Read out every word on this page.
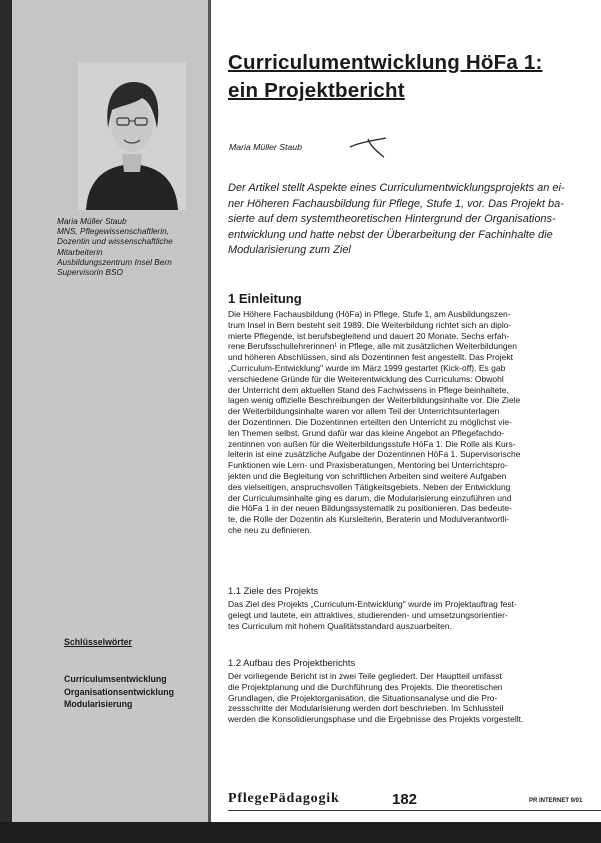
Maria Müller Staub
MNS, Pflegewissenschaftlerin,
Dozentin und wissenschaftliche
Mitarbeiterin
Ausbildungszentrum Insel Bern
Supervisorin BSO
Schlüsselwörter
Curriculumsentwicklung
Organisationsentwicklung
Modularisierung
Curriculumentwicklung HöFa 1:
ein Projektbericht
Maria Müller Staub
Der Artikel stellt Aspekte eines Curriculumentwicklungsprojekts an ei-
ner Höheren Fachausbildung für Pflege, Stufe 1, vor. Das Projekt ba-
sierte auf dem systemtheoretischen Hintergrund der Organisations-
entwicklung und hatte nebst der Überarbeitung der Fachinhalte die
Modularisierung zum Ziel
1 Einleitung
Die Höhere Fachausbildung (HöFa) in Pflege, Stufe 1, am Ausbildungszen-
trum Insel in Bern besteht seit 1989. Die Weiterbildung richtet sich an diplo-
mierte Pflegende, ist berufsbegleitend und dauert 20 Monate. Sechs erfah-
rene Berufsschullehrerinnen¹ in Pflege, alle mit zusätzlichen Weiterbildungen
und höheren Abschlüssen, sind als Dozentinnen fest angestellt. Das Projekt
„Curriculum-Entwicklung" wurde im März 1999 gestartet (Kick-off). Es gab
verschiedene Gründe für die Weiterentwicklung des Curriculums: Obwohl
der Unterricht dem aktuellen Stand des Fachwissens in Pflege beinhaltete,
lagen wenig offizielle Beschreibungen der Weiterbildungsinhalte vor. Die Ziele
der Weiterbildungsinhalte waren vor allem Teil der Unterrichtsunterlagen
der Dozentinnen. Die Dozentinnen erteilten den Unterricht zu möglichst vie-
len Themen selbst. Grund dafür war das kleine Angebot an Pflegefachdo-
zentinnen von außen für die Weiterbildungsstufe HöFa 1. Die Rolle als Kurs-
leiterin ist eine zusätzliche Aufgabe der Dozentinnen HöFa 1. Supervisorische
Funktionen wie Lern- und Praxisberatungen, Mentoring bei Unterrichtspro-
jekten und die Begleitung von schriftlichen Arbeiten sind weitere Aufgaben
des vielseitigen, anspruchsvollen Tätigkeitsgebiets. Neben der Entwicklung
der Curriculumsinhalte ging es darum, die Modularisierung einzuführen und
die HöFa 1 in der neuen Bildungssystematik zu positionieren. Das bedeute-
te, die Rolle der Dozentin als Kursleiterin, Beraterin und Modulverantwortli-
che neu zu definieren.
1.1 Ziele des Projekts
Das Ziel des Projekts „Curriculum-Entwicklung" wurde im Projektauftrag fest-
gelegt und lautete, ein attraktives, studierenden- und umsetzungsorientier-
tes Curriculum mit hohem Qualitätsstandard auszuarbeiten.
1.2 Aufbau des Projektberichts
Der vorliegende Bericht ist in zwei Teile gegliedert. Der Hauptteil umfasst
die Projektplanung und die Durchführung des Projekts. Die theoretischen
Grundlagen, die Projektorganisation, die Situationsanalyse und die Pro-
zessschritte der Modularisierung werden dort beschrieben. Im Schlussteil
werden die Konsolidierungsphase und die Ergebnisse des Projekts vorgestellt.
PflegePädagogik	182	PR INTERNET 9/01
